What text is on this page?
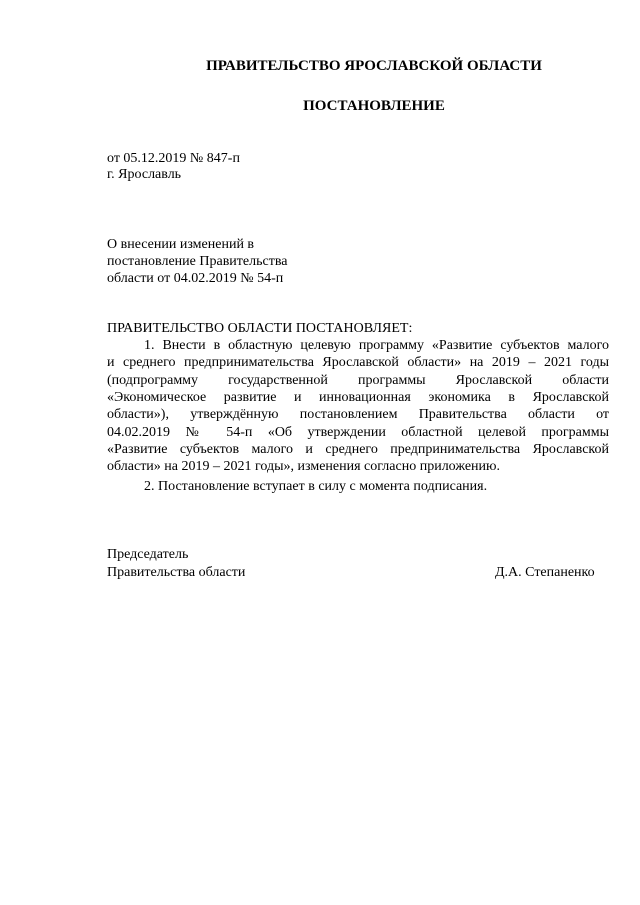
ПРАВИТЕЛЬСТВО ЯРОСЛАВСКОЙ ОБЛАСТИ
ПОСТАНОВЛЕНИЕ
от 05.12.2019 № 847-п
г. Ярославль
О внесении изменений в
постановление Правительства
области от 04.02.2019 № 54-п
ПРАВИТЕЛЬСТВО ОБЛАСТИ ПОСТАНОВЛЯЕТ:
1. Внести в областную целевую программу «Развитие субъектов малого
и среднего предпринимательства Ярославской области» на 2019 – 2021 годы
(подпрограмму государственной программы Ярославской области
«Экономическое развитие и инновационная экономика в Ярославской
области»), утверждённую постановлением Правительства области от
04.02.2019 № 54-п «Об утверждении областной целевой программы
«Развитие субъектов малого и среднего предпринимательства Ярославской
области» на 2019 – 2021 годы», изменения согласно приложению.
2. Постановление вступает в силу с момента подписания.
Председатель
Правительства области	Д.А. Степаненко
